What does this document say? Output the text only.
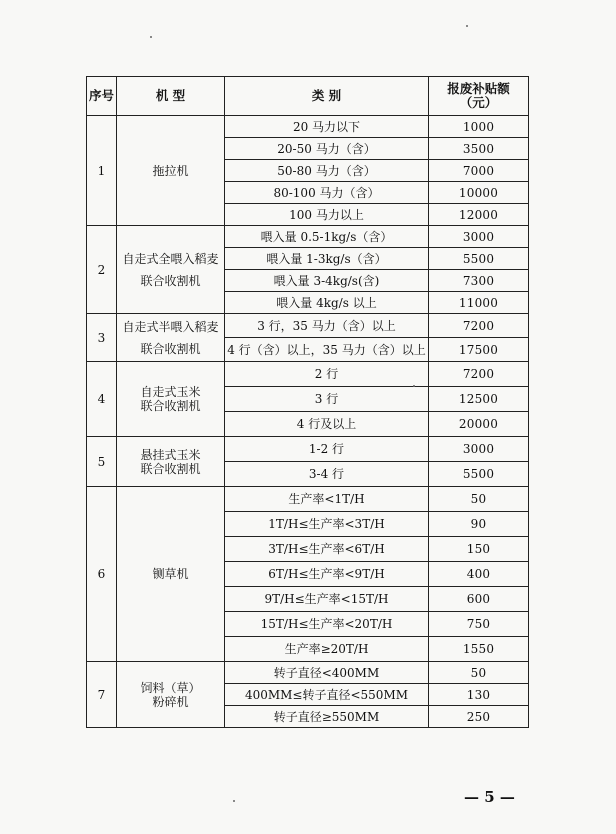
序号	机 型	类 别	报废补贴额
（元）

1	拖拉机	20 马力以下	1000
		20-50 马力（含）	3500
		50-80 马力（含）	7000
		80-100 马力（含）	10000
		100 马力以上	12000
2	自走式全喂入稻麦
联合收割机	喂入量 0.5-1kg/s（含）	3000
		喂入量 1-3kg/s（含）	5500
		喂入量 3-4kg/s(含)	7300
		喂入量 4kg/s 以上	11000
3	自走式半喂入稻麦
联合收割机	3 行，35 马力（含）以上	7200
		4 行（含）以上，35 马力（含）以上	17500
4	自走式玉米
联合收割机	2 行	7200
		3 行	12500
		4 行及以上	20000
5	悬挂式玉米
联合收割机	1-2 行	3000
		3-4 行	5500
6	铡草机	生产率<1T/H	50
		1T/H≤生产率<3T/H	90
		3T/H≤生产率<6T/H	150
		6T/H≤生产率<9T/H	400
		9T/H≤生产率<15T/H	600
		15T/H≤生产率<20T/H	750
		生产率≥20T/H	1550
7	饲料（草）
粉碎机	转子直径<400MM	50
		400MM≤转子直径<550MM	130
		转子直径≥550MM	250
— 5 —
